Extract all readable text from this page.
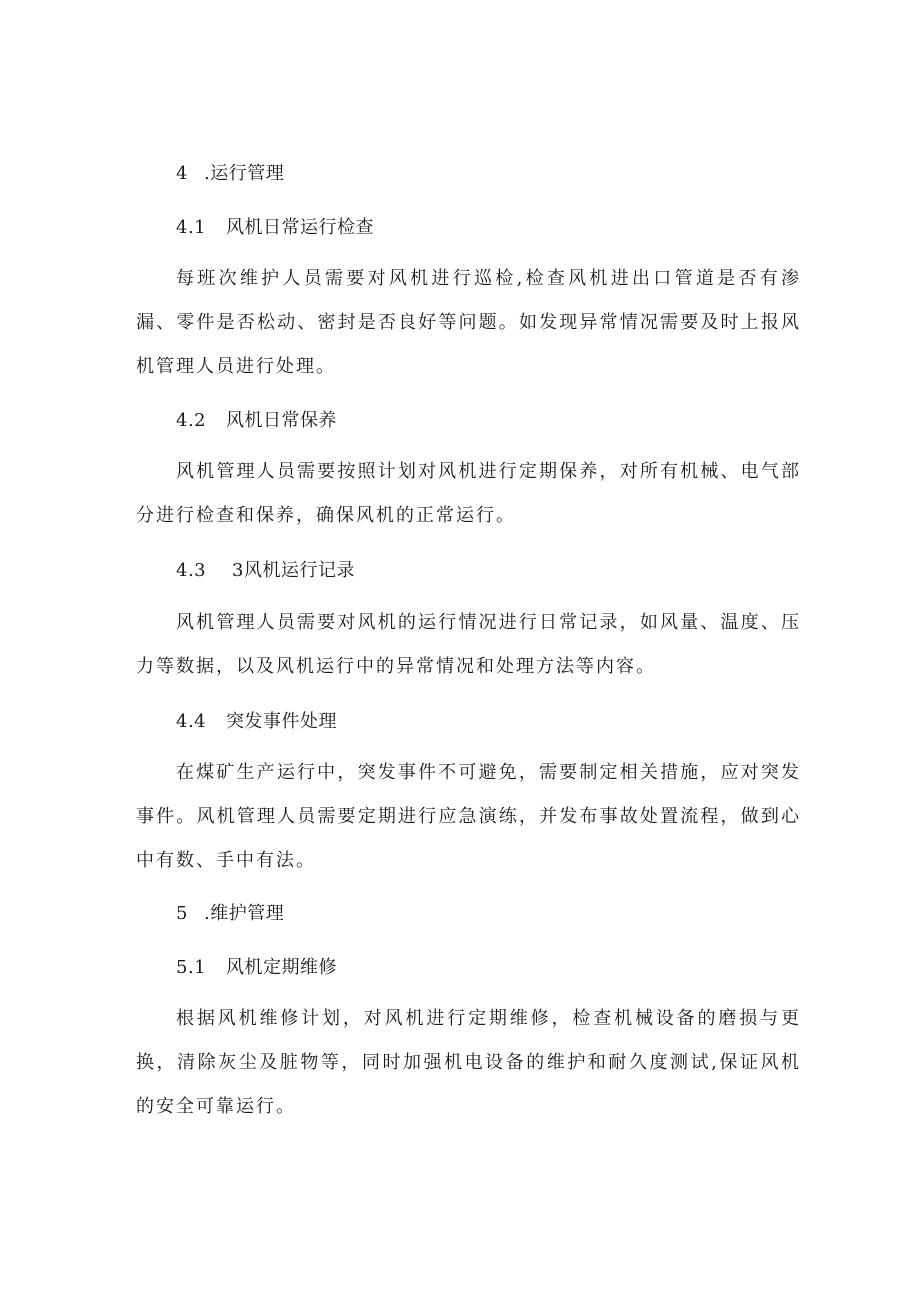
4 .运行管理
4.1 风机日常运行检查

每班次维护人员需要对风机进行巡检,检查风机进出口管道是否有渗漏、零件是否松动、密封是否良好等问题。如发现异常情况需要及时上报风机管理人员进行处理。

4.2 风机日常保养

风机管理人员需要按照计划对风机进行定期保养，对所有机械、电气部分进行检查和保养，确保风机的正常运行。

4.3 3风机运行记录

风机管理人员需要对风机的运行情况进行日常记录，如风量、温度、压力等数据，以及风机运行中的异常情况和处理方法等内容。

4.4 突发事件处理

在煤矿生产运行中，突发事件不可避免，需要制定相关措施，应对突发事件。风机管理人员需要定期进行应急演练，并发布事故处置流程，做到心中有数、手中有法。

5 .维护管理
5.1 风机定期维修

根据风机维修计划，对风机进行定期维修，检查机械设备的磨损与更换，清除灰尘及脏物等，同时加强机电设备的维护和耐久度测试,保证风机的安全可靠运行。
